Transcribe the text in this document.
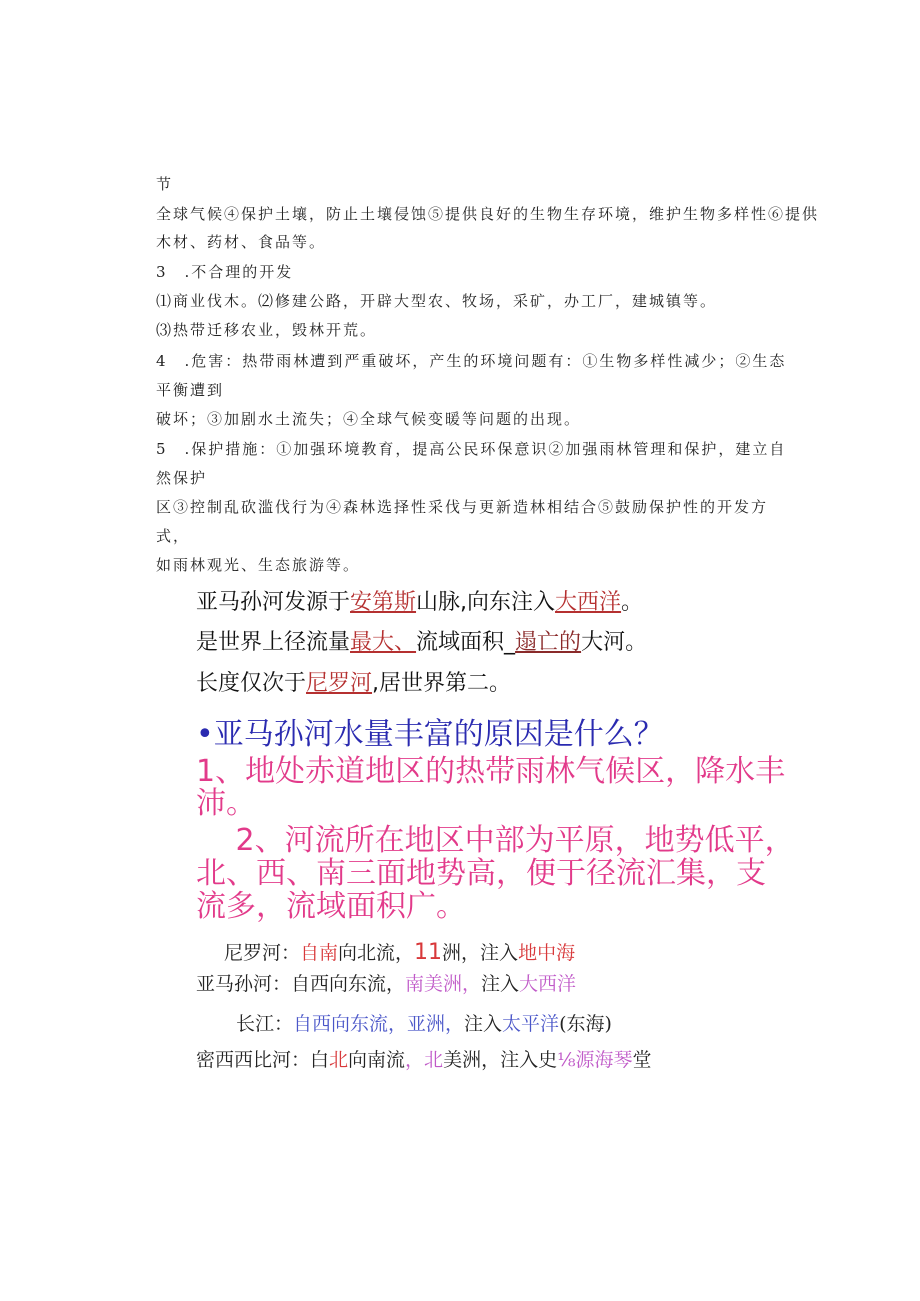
节
全球气候④保护土壤，防止土壤侵蚀⑤提供良好的生物生存环境，维护生物多样性⑥提供
木材、药材、食品等。
3　.不合理的开发
⑴商业伐木。⑵修建公路，开辟大型农、牧场，采矿，办工厂，建城镇等。
⑶热带迁移农业，毁林开荒。
4　.危害：热带雨林遭到严重破坏，产生的环境问题有：①生物多样性减少；②生态
平衡遭到
破坏；③加剧水土流失；④全球气候变暖等问题的出现。
5　.保护措施：①加强环境教育，提高公民环保意识②加强雨林管理和保护，建立自
然保护
区③控制乱砍滥伐行为④森林选择性采伐与更新造林相结合⑤鼓励保护性的开发方
式，
如雨林观光、生态旅游等。
亚马孙河发源于安第斯山脉,向东注入大西洋。
是世界上径流量最大、流域面积_遢亡的大河。
长度仅次于尼罗河,居世界第二。
•亚马孙河水量丰富的原因是什么？
1、地处赤道地区的热带雨林气候区，降水丰
沛。
　 2、河流所在地区中部为平原，地势低平，
北、西、南三面地势高，便于径流汇集，支
流多，流域面积广。
尼罗河：自南向北流，11洲，注入地中海
亚马孙河：自西向东流，南美洲，注入大西洋
长江：自西向东流，亚洲，注入太平洋(东海)
密西西比河：白北向南流，北美洲，注入史⅛源海琴堂
